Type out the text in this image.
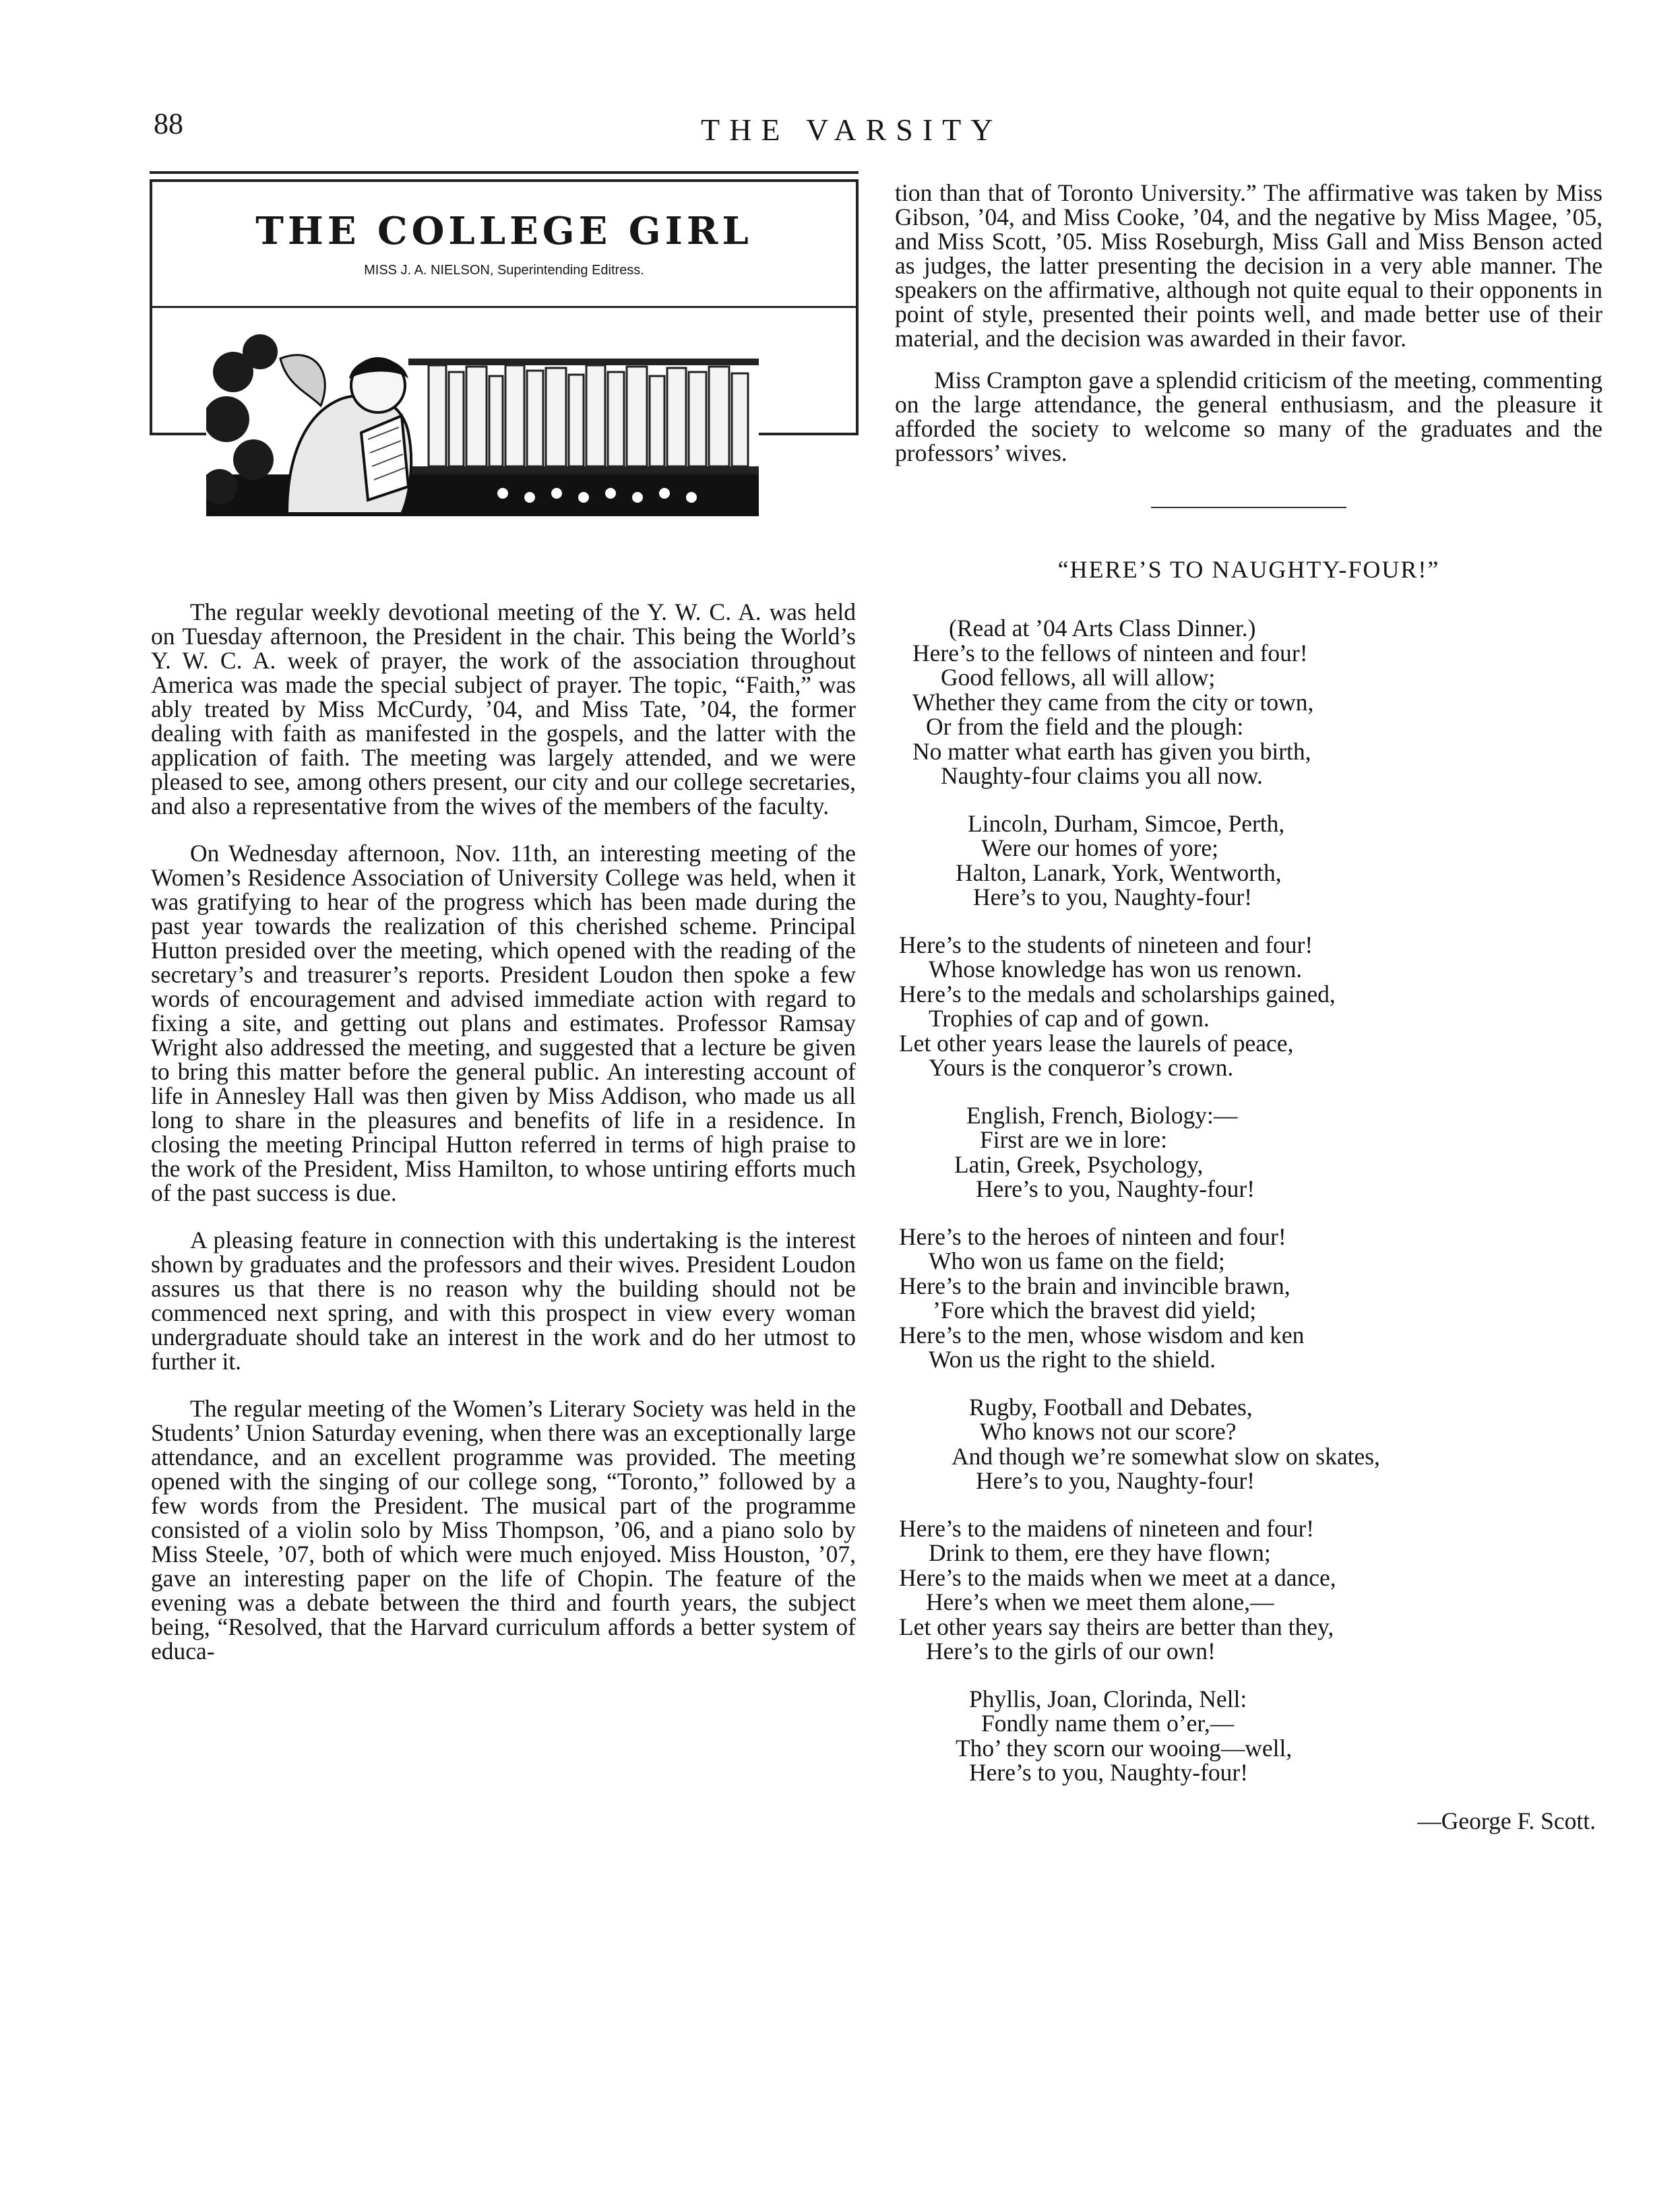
88	THE VARSITY
THE COLLEGE GIRL
MISS J. A. NIELSON, Superintending Editress.

The regular weekly devotional meeting of the Y. W. C. A. was held on Tuesday afternoon, the President in the chair. This being the World’s Y. W. C. A. week of prayer, the work of the association throughout America was made the special subject of prayer. The topic, “Faith,” was ably treated by Miss McCurdy, ’04, and Miss Tate, ’04, the former dealing with faith as manifested in the gospels, and the latter with the application of faith. The meeting was largely attended, and we were pleased to see, among others present, our city and our college secretaries, and also a representative from the wives of the members of the faculty.

On Wednesday afternoon, Nov. 11th, an interesting meeting of the Women’s Residence Association of University College was held, when it was gratifying to hear of the progress which has been made during the past year towards the realization of this cherished scheme. Principal Hutton presided over the meeting, which opened with the reading of the secretary’s and treasurer’s reports. President Loudon then spoke a few words of encouragement and advised immediate action with regard to fixing a site, and getting out plans and estimates. Professor Ramsay Wright also addressed the meeting, and suggested that a lecture be given to bring this matter before the general public. An interesting account of life in Annesley Hall was then given by Miss Addison, who made us all long to share in the pleasures and benefits of life in a residence. In closing the meeting Principal Hutton referred in terms of high praise to the work of the President, Miss Hamilton, to whose untiring efforts much of the past success is due.

A pleasing feature in connection with this undertaking is the interest shown by graduates and the professors and their wives. President Loudon assures us that there is no reason why the building should not be commenced next spring, and with this prospect in view every woman undergraduate should take an interest in the work and do her utmost to further it.

The regular meeting of the Women’s Literary Society was held in the Students’ Union Saturday evening, when there was an exceptionally large attendance, and an excellent programme was provided. The meeting opened with the singing of our college song, “Toronto,” followed by a few words from the President. The musical part of the programme consisted of a violin solo by Miss Thompson, ’06, and a piano solo by Miss Steele, ’07, both of which were much enjoyed. Miss Houston, ’07, gave an interesting paper on the life of Chopin. The feature of the evening was a debate between the third and fourth years, the subject being, “Resolved, that the Harvard curriculum affords a better system of educa-

tion than that of Toronto University.” The affirmative was taken by Miss Gibson, ’04, and Miss Cooke, ’04, and the negative by Miss Magee, ’05, and Miss Scott, ’05. Miss Roseburgh, Miss Gall and Miss Benson acted as judges, the latter presenting the decision in a very able manner. The speakers on the affirmative, although not quite equal to their opponents in point of style, presented their points well, and made better use of their material, and the decision was awarded in their favor.

Miss Crampton gave a splendid criticism of the meeting, commenting on the large attendance, the general enthusiasm, and the pleasure it afforded the society to welcome so many of the graduates and the professors’ wives.

“HERE’S TO NAUGHTY-FOUR!”
(Read at ’04 Arts Class Dinner.)
Here’s to the fellows of ninteen and four!
Good fellows, all will allow;
Whether they came from the city or town,
Or from the field and the plough:
No matter what earth has given you birth,
Naughty-four claims you all now.
Lincoln, Durham, Simcoe, Perth,
Were our homes of yore;
Halton, Lanark, York, Wentworth,
Here’s to you, Naughty-four!
Here’s to the students of nineteen and four!
Whose knowledge has won us renown.
Here’s to the medals and scholarships gained,
Trophies of cap and of gown.
Let other years lease the laurels of peace,
Yours is the conqueror’s crown.
English, French, Biology:—
First are we in lore:
Latin, Greek, Psychology,
Here’s to you, Naughty-four!
Here’s to the heroes of ninteen and four!
Who won us fame on the field;
Here’s to the brain and invincible brawn,
’Fore which the bravest did yield;
Here’s to the men, whose wisdom and ken
Won us the right to the shield.
Rugby, Football and Debates,
Who knows not our score?
And though we’re somewhat slow on skates,
Here’s to you, Naughty-four!
Here’s to the maidens of nineteen and four!
Drink to them, ere they have flown;
Here’s to the maids when we meet at a dance,
Here’s when we meet them alone,—
Let other years say theirs are better than they,
Here’s to the girls of our own!
Phyllis, Joan, Clorinda, Nell:
Fondly name them o’er,—
Tho’ they scorn our wooing—well,
Here’s to you, Naughty-four!
—George F. Scott.
